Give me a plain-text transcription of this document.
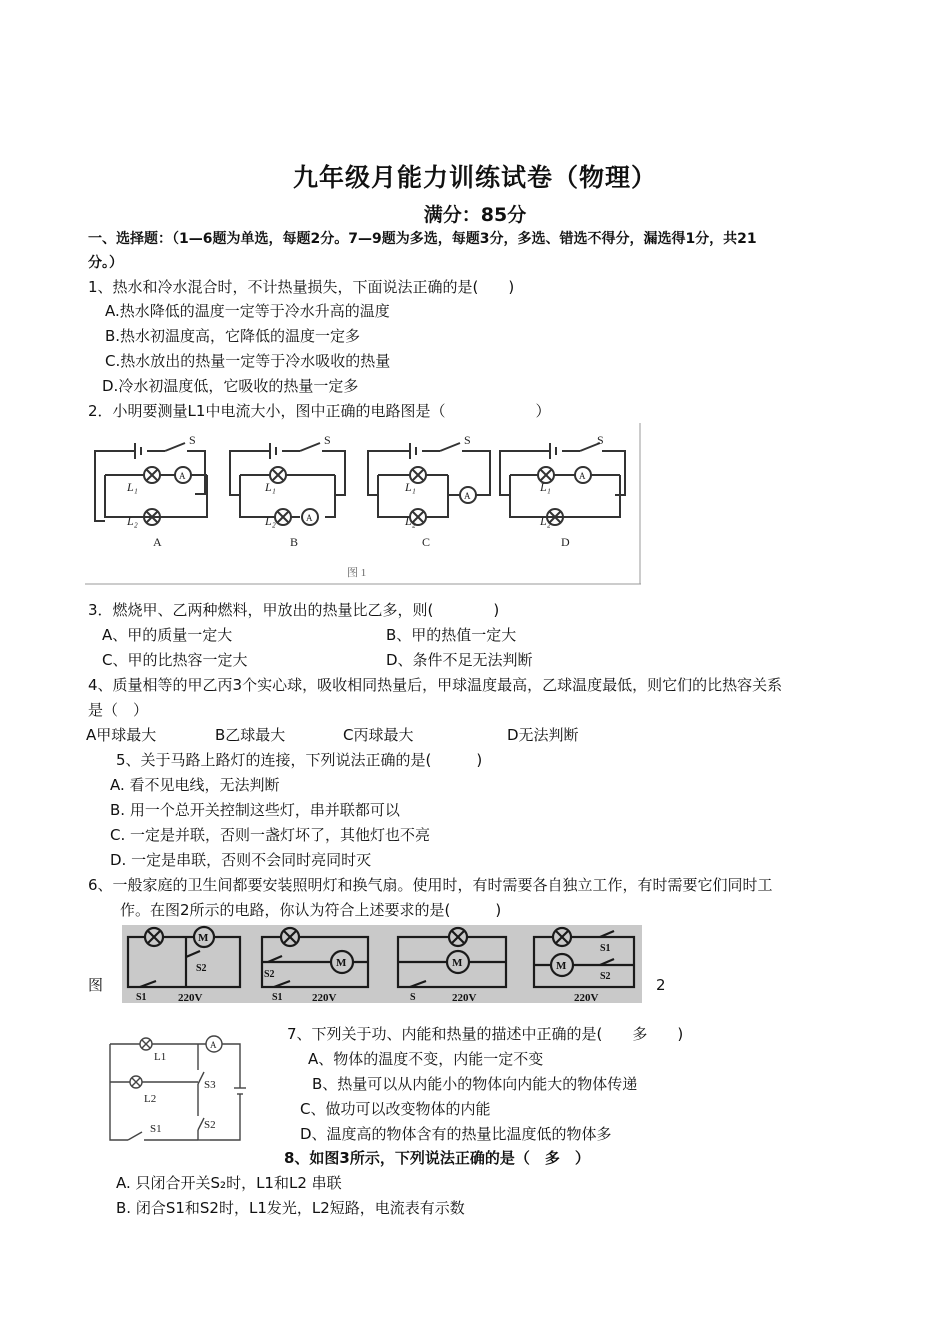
九年级月能力训练试卷（物理）
满分：85分
一、选择题：（1—6题为单选，每题2分。7—9题为多选，每题3分，多选、错选不得分，漏选得1分，共21
分。）
1、热水和冷水混合时，不计热量损失，下面说法正确的是(　　)
A.热水降低的温度一定等于冷水升高的温度
B.热水初温度高，它降低的温度一定多
C.热水放出的热量一定等于冷水吸收的热量
D.冷水初温度低，它吸收的热量一定多
2．小明要测量L1中电流大小，图中正确的电路图是（　　　　　　）
S	S	S	S
L₁
L₂
L₁
L₂
L₁
L₂
L₁
L₂
A
A
A
A
A	B	C	D
图 1
3．燃烧甲、乙两种燃料，甲放出的热量比乙多，则(　　　　)
A、甲的质量一定大	B、甲的热值一定大
C、甲的比热容一定大	D、条件不足无法判断
4、质量相等的甲乙丙3个实心球，吸收相同热量后，甲球温度最高，乙球温度最低，则它们的比热容关系
是（　）
A甲球最大	B乙球最大	C丙球最大	D无法判断
5、关于马路上路灯的连接，下列说法正确的是(　　　)
A. 看不见电线，无法判断
B. 用一个总开关控制这些灯，串并联都可以
C. 一定是并联，否则一盏灯坏了，其他灯也不亮
D. 一定是串联，否则不会同时亮同时灭
6、一般家庭的卫生间都要安装照明灯和换气扇。使用时，有时需要各自独立工作，有时需要它们同时工
作。在图2所示的电路，你认为符合上述要求的是(　　　)
图	2
M
M	M	M
S2
S2
S1
S2
S1	S1	S
220V	220V	220V	220V
L1
L2
A
S3
S2
S1
7、下列关于功、内能和热量的描述中正确的是(　　多　　)
A、物体的温度不变，内能一定不变
B、热量可以从内能小的物体向内能大的物体传递
C、做功可以改变物体的内能
D、温度高的物体含有的热量比温度低的物体多
8、如图3所示，下列说法正确的是（　多　）
A. 只闭合开关S₂时，L1和L2 串联
B. 闭合S1和S2时，L1发光，L2短路，电流表有示数
